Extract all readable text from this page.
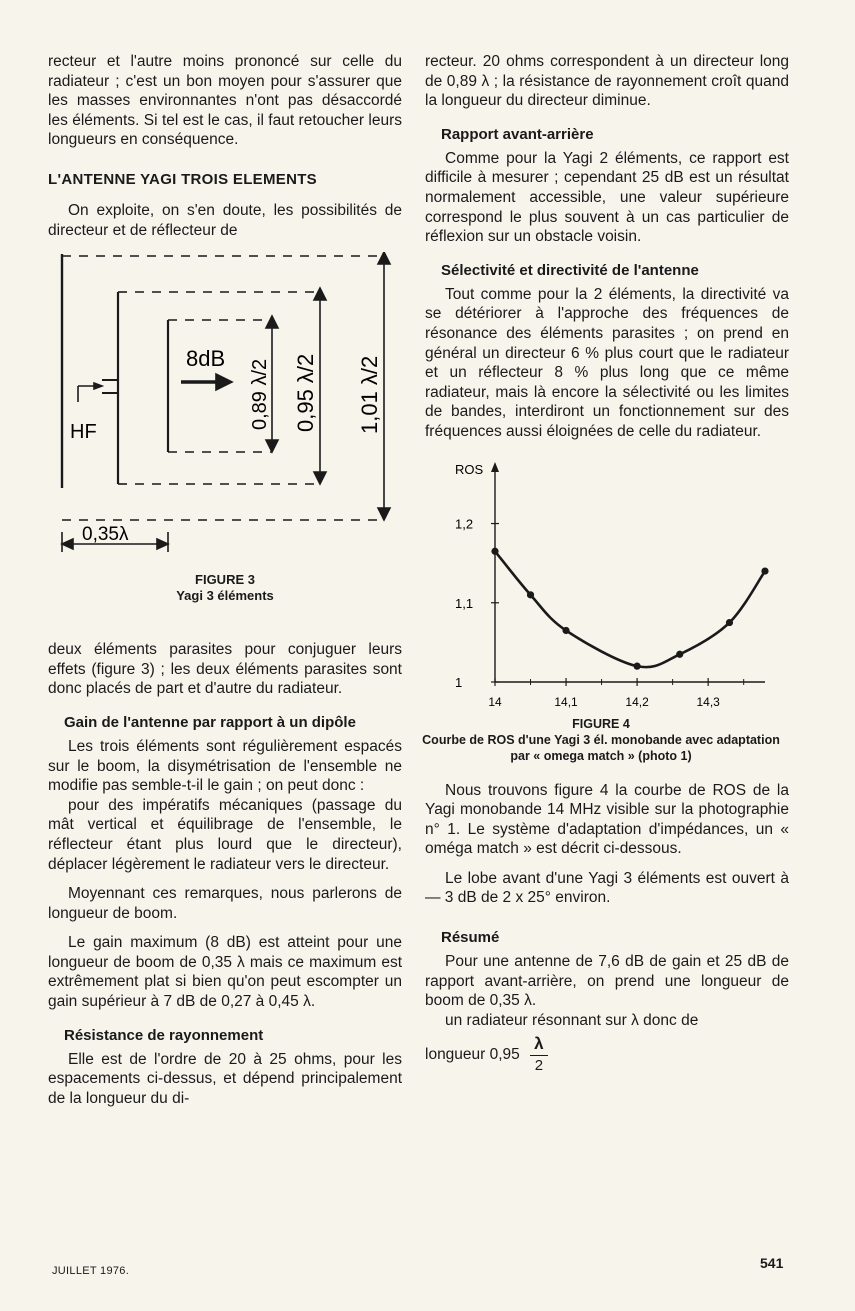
recteur et l'autre moins prononcé sur celle du radiateur ; c'est un bon moyen pour s'assurer que les masses environnantes n'ont pas désaccordé les éléments. Si tel est le cas, il faut retoucher leurs longueurs en conséquence.

L'ANTENNE YAGI TROIS ELEMENTS

On exploite, on s'en doute, les possibilités de directeur et de réflecteur de

8dB
HF
0,89 λ/2 0,95 λ/2 1,01 λ/2
0,35λ
FIGURE 3
Yagi 3 éléments

deux éléments parasites pour conjuguer leurs effets (figure 3) ; les deux éléments parasites sont donc placés de part et d'autre du radiateur.

Gain de l'antenne par rapport à un dipôle

Les trois éléments sont régulièrement espacés sur le boom, la disymétrisation de l'ensemble ne modifie pas semble-t-il le gain ; on peut donc :

pour des impératifs mécaniques (passage du mât vertical et équilibrage de l'ensemble, le réflecteur étant plus lourd que le directeur), déplacer légèrement le radiateur vers le directeur.

Moyennant ces remarques, nous parlerons de longueur de boom.

Le gain maximum (8 dB) est atteint pour une longueur de boom de 0,35 λ mais ce maximum est extrêmement plat si bien qu'on peut escompter un gain supérieur à 7 dB de 0,27 à 0,45 λ.

Résistance de rayonnement

Elle est de l'ordre de 20 à 25 ohms, pour les espacements ci-dessus, et dépend principalement de la longueur du di-

recteur. 20 ohms correspondent à un directeur long de 0,89 λ ; la résistance de rayonnement croît quand la longueur du directeur diminue.

Rapport avant-arrière

Comme pour la Yagi 2 éléments, ce rapport est difficile à mesurer ; cependant 25 dB est un résultat normalement accessible, une valeur supérieure correspond le plus souvent à un cas particulier de réflexion sur un obstacle voisin.

Sélectivité et directivité de l'antenne

Tout comme pour la 2 éléments, la directivité va se détériorer à l'approche des fréquences de résonance des éléments parasites ; on prend en général un directeur 6 % plus court que le radiateur et un réflecteur 8 % plus long que ce même radiateur, mais là encore la sélectivité ou les limites de bandes, interdiront un fonctionnement sur des fréquences aussi éloignées de celle du radiateur.

ROS
1
1,1
1,2
14	14,1	14,2	14,3
FIGURE 4
Courbe de ROS d'une Yagi 3 él. monobande avec adaptation par « omega match » (photo 1)

Nous trouvons figure 4 la courbe de ROS de la Yagi monobande 14 MHz visible sur la photographie n° 1. Le système d'adaptation d'impédances, un « oméga match » est décrit ci-dessous.

Le lobe avant d'une Yagi 3 éléments est ouvert à — 3 dB de 2 x 25° environ.

Résumé

Pour une antenne de 7,6 dB de gain et 25 dB de rapport avant-arrière, on prend une longueur de boom de 0,35 λ.

un radiateur résonnant sur λ donc de

longueur $0,95 \frac{\lambda}{2}$

JUILLET 1976.	541
